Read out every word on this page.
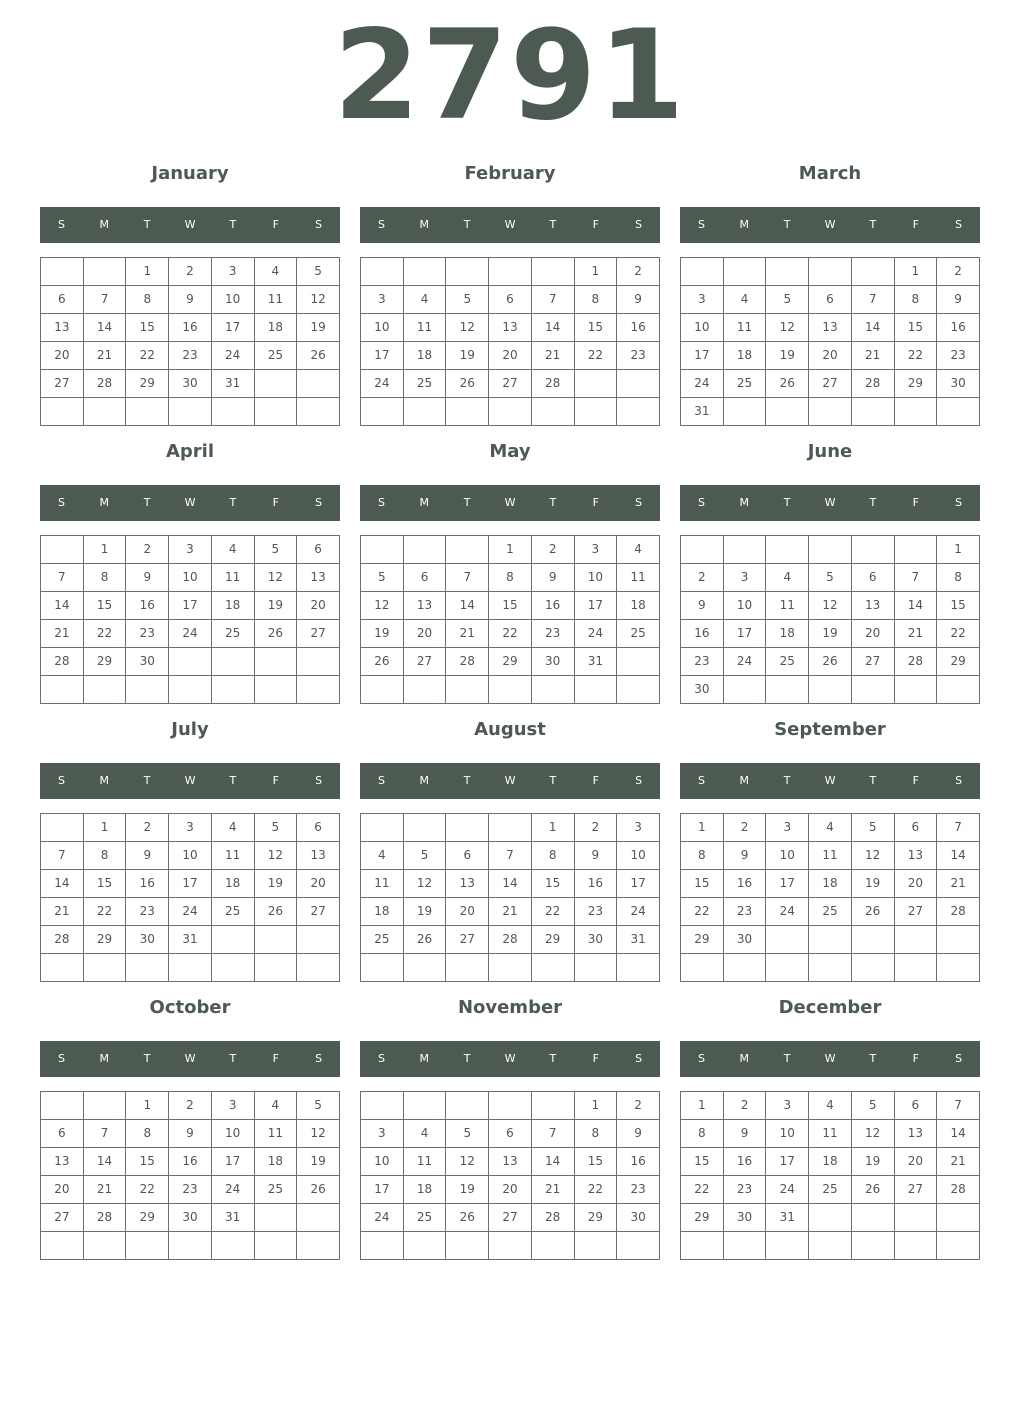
2791
January
S	M	T	W	T	F	S
		1	2	3	4	5
6	7	8	9	10	11	12
13	14	15	16	17	18	19
20	21	22	23	24	25	26
27	28	29	30	31		

February
S	M	T	W	T	F	S
					1	2
3	4	5	6	7	8	9
10	11	12	13	14	15	16
17	18	19	20	21	22	23
24	25	26	27	28		

March
S	M	T	W	T	F	S
					1	2
3	4	5	6	7	8	9
10	11	12	13	14	15	16
17	18	19	20	21	22	23
24	25	26	27	28	29	30
31						
April
S	M	T	W	T	F	S
	1	2	3	4	5	6
7	8	9	10	11	12	13
14	15	16	17	18	19	20
21	22	23	24	25	26	27
28	29	30				

May
S	M	T	W	T	F	S
			1	2	3	4
5	6	7	8	9	10	11
12	13	14	15	16	17	18
19	20	21	22	23	24	25
26	27	28	29	30	31	

June
S	M	T	W	T	F	S
						1
2	3	4	5	6	7	8
9	10	11	12	13	14	15
16	17	18	19	20	21	22
23	24	25	26	27	28	29
30						
July
S	M	T	W	T	F	S
	1	2	3	4	5	6
7	8	9	10	11	12	13
14	15	16	17	18	19	20
21	22	23	24	25	26	27
28	29	30	31			

August
S	M	T	W	T	F	S
				1	2	3
4	5	6	7	8	9	10
11	12	13	14	15	16	17
18	19	20	21	22	23	24
25	26	27	28	29	30	31

September
S	M	T	W	T	F	S
1	2	3	4	5	6	7
8	9	10	11	12	13	14
15	16	17	18	19	20	21
22	23	24	25	26	27	28
29	30					

October
S	M	T	W	T	F	S
		1	2	3	4	5
6	7	8	9	10	11	12
13	14	15	16	17	18	19
20	21	22	23	24	25	26
27	28	29	30	31		

November
S	M	T	W	T	F	S
					1	2
3	4	5	6	7	8	9
10	11	12	13	14	15	16
17	18	19	20	21	22	23
24	25	26	27	28	29	30

December
S	M	T	W	T	F	S
1	2	3	4	5	6	7
8	9	10	11	12	13	14
15	16	17	18	19	20	21
22	23	24	25	26	27	28
29	30	31				
